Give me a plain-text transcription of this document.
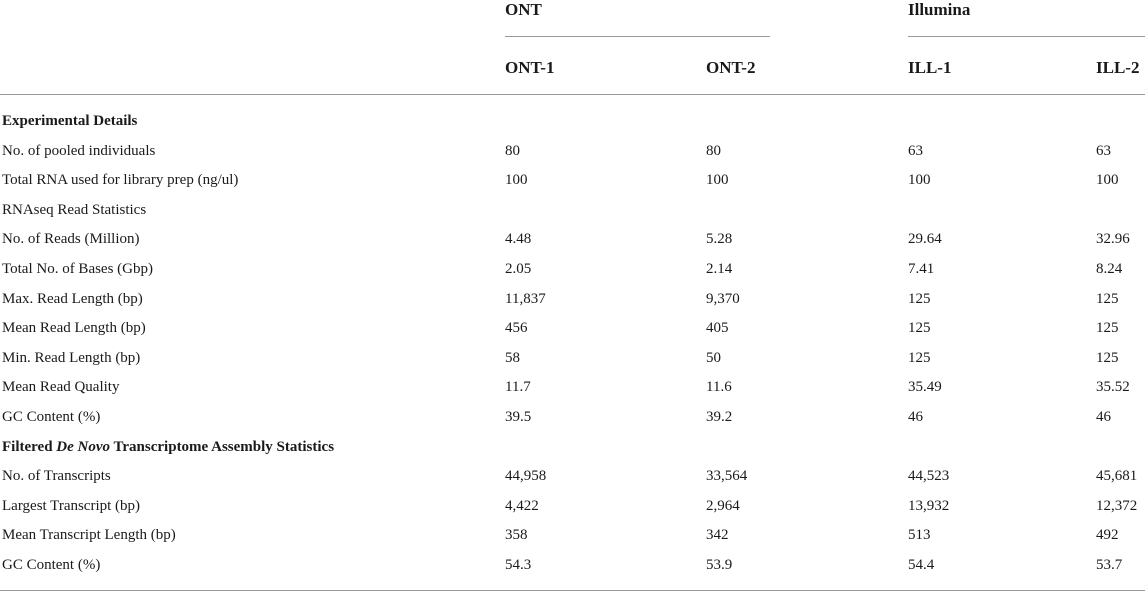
ONT	Illumina
ONT-1	ONT-2	ILL-1	ILL-2
Experimental Details
No. of pooled individuals	80	80	63	63
Total RNA used for library prep (ng/ul)	100	100	100	100
RNAseq Read Statistics
No. of Reads (Million)	4.48	5.28	29.64	32.96
Total No. of Bases (Gbp)	2.05	2.14	7.41	8.24
Max. Read Length (bp)	11,837	9,370	125	125
Mean Read Length (bp)	456	405	125	125
Min. Read Length (bp)	58	50	125	125
Mean Read Quality	11.7	11.6	35.49	35.52
GC Content (%)	39.5	39.2	46	46
Filtered De Novo Transcriptome Assembly Statistics
No. of Transcripts	44,958	33,564	44,523	45,681
Largest Transcript (bp)	4,422	2,964	13,932	12,372
Mean Transcript Length (bp)	358	342	513	492
GC Content (%)	54.3	53.9	54.4	53.7
